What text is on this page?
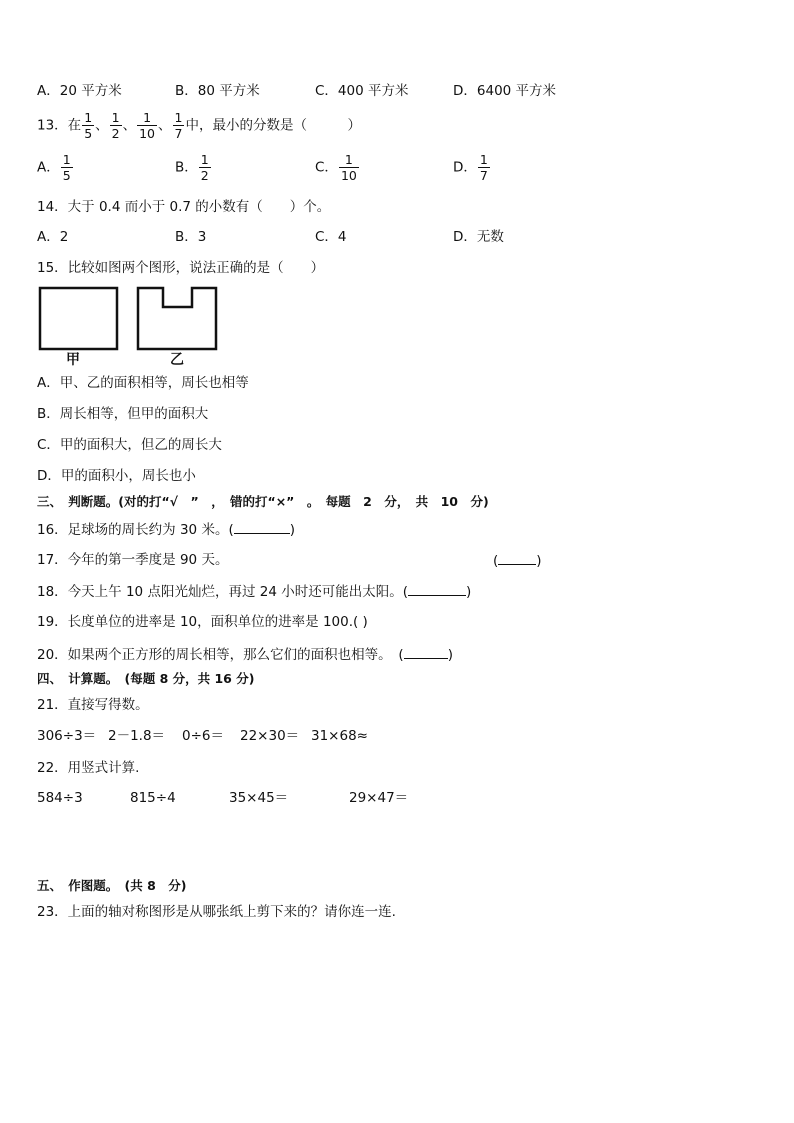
A．20 平方米	B．80 平方米	C．400 平方米	D．6400 平方米
13．在 $\frac{1}{5}$ 、 $\frac{1}{2}$ 、 $\frac{1}{10}$ 、 $\frac{1}{7}$ 中，最小的分数是（　　　）
A． $\frac{1}{5}$	B． $\frac{1}{2}$	C． $\frac{1}{10}$	D． $\frac{1}{7}$
14．大于 0.4 而小于 0.7 的小数有（　　）个。
A．2	B．3	C．4	D．无数
15．比较如图两个图形，说法正确的是（　　）
甲	乙
A．甲、乙的面积相等，周长也相等
B．周长相等，但甲的面积大
C．甲的面积大，但乙的周长大
D．甲的面积小，周长也小
三、　判断题。(对的打“√　”　，　错的打“×”　。　每题　2　分，　共　10　分)
16．足球场的周长约为 30 米。(	)
17．今年的第一季度是 90 天。	(	)
18．今天上午 10 点阳光灿烂，再过 24 小时还可能出太阳。(	)
19．长度单位的进率是 10，面积单位的进率是 100.( )
20．如果两个正方形的周长相等，那么它们的面积也相等。　(	)
四、　计算题。　(每题 8 分，共 16 分)
21．直接写得数。
306÷3＝ 2－1.8＝ 0÷6＝ 22×30＝ 31×68≈
22．用竖式计算.
584÷3	815÷4	35×45＝	29×47＝
五、　作图题。　(共 8　分)
23．上面的轴对称图形是从哪张纸上剪下来的？请你连一连.
